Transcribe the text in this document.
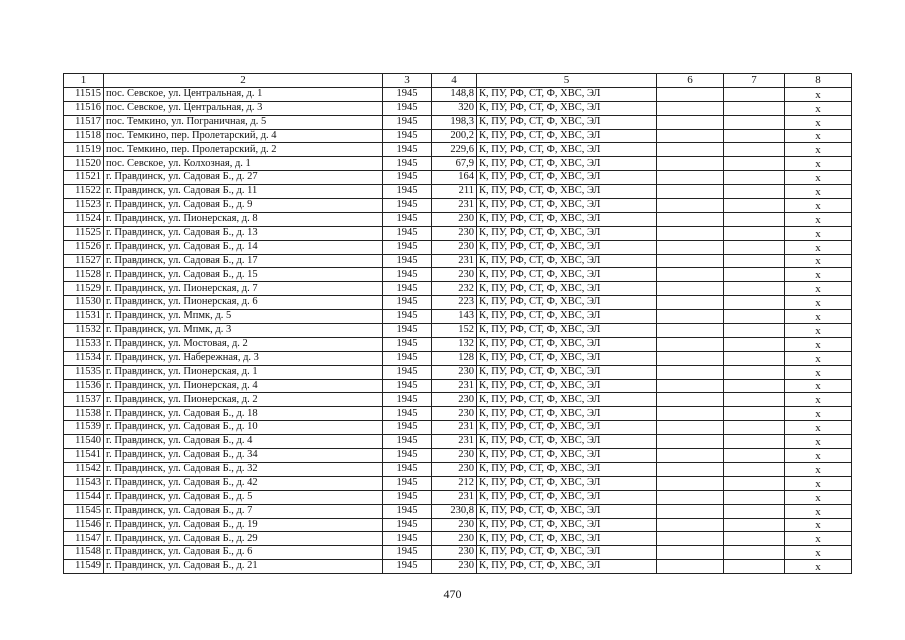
1	2	3	4	5	6	7	8
11515	пос. Севское, ул. Центральная, д. 1	1945	148,8	К, ПУ, РФ, СТ, Ф, ХВС, ЭЛ			х
11516	пос. Севское, ул. Центральная, д. 3	1945	320	К, ПУ, РФ, СТ, Ф, ХВС, ЭЛ			х
11517	пос. Темкино, ул. Пограничная, д. 5	1945	198,3	К, ПУ, РФ, СТ, Ф, ХВС, ЭЛ			х
11518	пос. Темкино, пер. Пролетарский, д. 4	1945	200,2	К, ПУ, РФ, СТ, Ф, ХВС, ЭЛ			х
11519	пос. Темкино, пер. Пролетарский, д. 2	1945	229,6	К, ПУ, РФ, СТ, Ф, ХВС, ЭЛ			х
11520	пос. Севское, ул. Колхозная, д. 1	1945	67,9	К, ПУ, РФ, СТ, Ф, ХВС, ЭЛ			х
11521	г. Правдинск, ул. Садовая Б., д. 27	1945	164	К, ПУ, РФ, СТ, Ф, ХВС, ЭЛ			х
11522	г. Правдинск, ул. Садовая Б., д. 11	1945	211	К, ПУ, РФ, СТ, Ф, ХВС, ЭЛ			х
11523	г. Правдинск, ул. Садовая Б., д. 9	1945	231	К, ПУ, РФ, СТ, Ф, ХВС, ЭЛ			х
11524	г. Правдинск, ул. Пионерская, д. 8	1945	230	К, ПУ, РФ, СТ, Ф, ХВС, ЭЛ			х
11525	г. Правдинск, ул. Садовая Б., д. 13	1945	230	К, ПУ, РФ, СТ, Ф, ХВС, ЭЛ			х
11526	г. Правдинск, ул. Садовая Б., д. 14	1945	230	К, ПУ, РФ, СТ, Ф, ХВС, ЭЛ			х
11527	г. Правдинск, ул. Садовая Б., д. 17	1945	231	К, ПУ, РФ, СТ, Ф, ХВС, ЭЛ			х
11528	г. Правдинск, ул. Садовая Б., д. 15	1945	230	К, ПУ, РФ, СТ, Ф, ХВС, ЭЛ			х
11529	г. Правдинск, ул. Пионерская, д. 7	1945	232	К, ПУ, РФ, СТ, Ф, ХВС, ЭЛ			х
11530	г. Правдинск, ул. Пионерская, д. 6	1945	223	К, ПУ, РФ, СТ, Ф, ХВС, ЭЛ			х
11531	г. Правдинск, ул. Мпмк, д. 5	1945	143	К, ПУ, РФ, СТ, Ф, ХВС, ЭЛ			х
11532	г. Правдинск, ул. Мпмк, д. 3	1945	152	К, ПУ, РФ, СТ, Ф, ХВС, ЭЛ			х
11533	г. Правдинск, ул. Мостовая, д. 2	1945	132	К, ПУ, РФ, СТ, Ф, ХВС, ЭЛ			х
11534	г. Правдинск, ул. Набережная, д. 3	1945	128	К, ПУ, РФ, СТ, Ф, ХВС, ЭЛ			х
11535	г. Правдинск, ул. Пионерская, д. 1	1945	230	К, ПУ, РФ, СТ, Ф, ХВС, ЭЛ			х
11536	г. Правдинск, ул. Пионерская, д. 4	1945	231	К, ПУ, РФ, СТ, Ф, ХВС, ЭЛ			х
11537	г. Правдинск, ул. Пионерская, д. 2	1945	230	К, ПУ, РФ, СТ, Ф, ХВС, ЭЛ			х
11538	г. Правдинск, ул. Садовая Б., д. 18	1945	230	К, ПУ, РФ, СТ, Ф, ХВС, ЭЛ			х
11539	г. Правдинск, ул. Садовая Б., д. 10	1945	231	К, ПУ, РФ, СТ, Ф, ХВС, ЭЛ			х
11540	г. Правдинск, ул. Садовая Б., д. 4	1945	231	К, ПУ, РФ, СТ, Ф, ХВС, ЭЛ			х
11541	г. Правдинск, ул. Садовая Б., д. 34	1945	230	К, ПУ, РФ, СТ, Ф, ХВС, ЭЛ			х
11542	г. Правдинск, ул. Садовая Б., д. 32	1945	230	К, ПУ, РФ, СТ, Ф, ХВС, ЭЛ			х
11543	г. Правдинск, ул. Садовая Б., д. 42	1945	212	К, ПУ, РФ, СТ, Ф, ХВС, ЭЛ			х
11544	г. Правдинск, ул. Садовая Б., д. 5	1945	231	К, ПУ, РФ, СТ, Ф, ХВС, ЭЛ			х
11545	г. Правдинск, ул. Садовая Б., д. 7	1945	230,8	К, ПУ, РФ, СТ, Ф, ХВС, ЭЛ			х
11546	г. Правдинск, ул. Садовая Б., д. 19	1945	230	К, ПУ, РФ, СТ, Ф, ХВС, ЭЛ			х
11547	г. Правдинск, ул. Садовая Б., д. 29	1945	230	К, ПУ, РФ, СТ, Ф, ХВС, ЭЛ			х
11548	г. Правдинск, ул. Садовая Б., д. 6	1945	230	К, ПУ, РФ, СТ, Ф, ХВС, ЭЛ			х
11549	г. Правдинск, ул. Садовая Б., д. 21	1945	230	К, ПУ, РФ, СТ, Ф, ХВС, ЭЛ			х
470
